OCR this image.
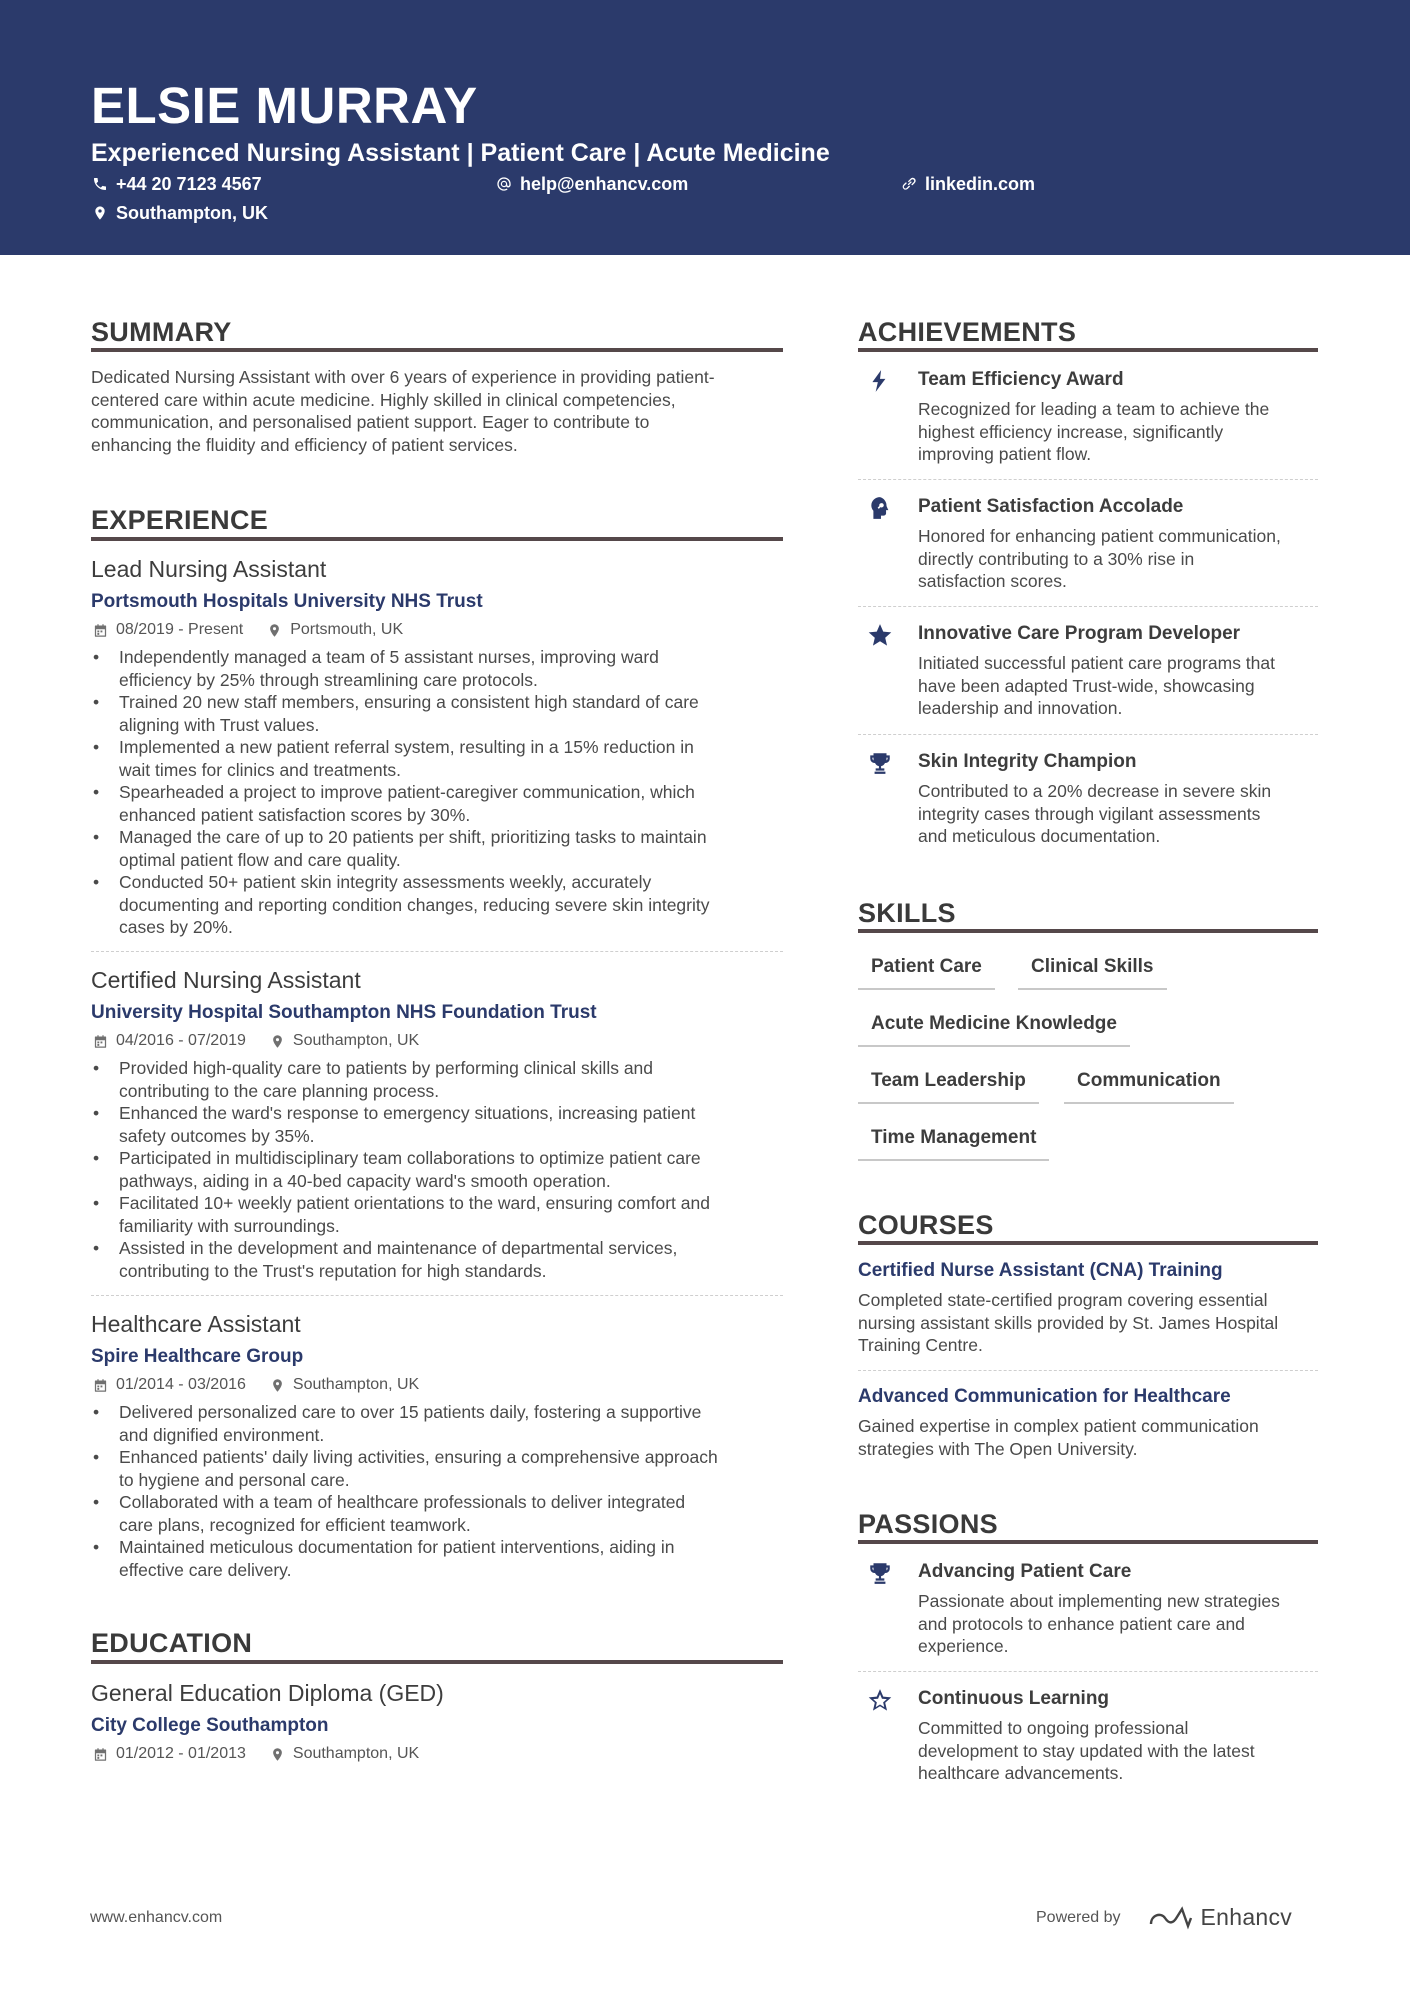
ELSIE MURRAY
Experienced Nursing Assistant | Patient Care | Acute Medicine
+44 20 7123 4567	help@enhancv.com	linkedin.com
Southampton, UK
SUMMARY
Dedicated Nursing Assistant with over 6 years of experience in providing patient-
centered care within acute medicine. Highly skilled in clinical competencies,
communication, and personalised patient support. Eager to contribute to
enhancing the fluidity and efficiency of patient services.
EXPERIENCE
Lead Nursing Assistant
Portsmouth Hospitals University NHS Trust
08/2019 - Present	Portsmouth, UK
• Independently managed a team of 5 assistant nurses, improving ward
efficiency by 25% through streamlining care protocols.
• Trained 20 new staff members, ensuring a consistent high standard of care
aligning with Trust values.
• Implemented a new patient referral system, resulting in a 15% reduction in
wait times for clinics and treatments.
• Spearheaded a project to improve patient-caregiver communication, which
enhanced patient satisfaction scores by 30%.
• Managed the care of up to 20 patients per shift, prioritizing tasks to maintain
optimal patient flow and care quality.
• Conducted 50+ patient skin integrity assessments weekly, accurately
documenting and reporting condition changes, reducing severe skin integrity
cases by 20%.
Certified Nursing Assistant
University Hospital Southampton NHS Foundation Trust
04/2016 - 07/2019	Southampton, UK
• Provided high-quality care to patients by performing clinical skills and
contributing to the care planning process.
• Enhanced the ward's response to emergency situations, increasing patient
safety outcomes by 35%.
• Participated in multidisciplinary team collaborations to optimize patient care
pathways, aiding in a 40-bed capacity ward's smooth operation.
• Facilitated 10+ weekly patient orientations to the ward, ensuring comfort and
familiarity with surroundings.
• Assisted in the development and maintenance of departmental services,
contributing to the Trust's reputation for high standards.
Healthcare Assistant
Spire Healthcare Group
01/2014 - 03/2016	Southampton, UK
• Delivered personalized care to over 15 patients daily, fostering a supportive
and dignified environment.
• Enhanced patients' daily living activities, ensuring a comprehensive approach
to hygiene and personal care.
• Collaborated with a team of healthcare professionals to deliver integrated
care plans, recognized for efficient teamwork.
• Maintained meticulous documentation for patient interventions, aiding in
effective care delivery.
EDUCATION
General Education Diploma (GED)
City College Southampton
01/2012 - 01/2013	Southampton, UK
ACHIEVEMENTS
Team Efficiency Award
Recognized for leading a team to achieve the
highest efficiency increase, significantly
improving patient flow.
Patient Satisfaction Accolade
Honored for enhancing patient communication,
directly contributing to a 30% rise in
satisfaction scores.
Innovative Care Program Developer
Initiated successful patient care programs that
have been adapted Trust-wide, showcasing
leadership and innovation.
Skin Integrity Champion
Contributed to a 20% decrease in severe skin
integrity cases through vigilant assessments
and meticulous documentation.
SKILLS
Patient Care	Clinical Skills
Acute Medicine Knowledge
Team Leadership	Communication
Time Management
COURSES
Certified Nurse Assistant (CNA) Training
Completed state-certified program covering essential
nursing assistant skills provided by St. James Hospital
Training Centre.
Advanced Communication for Healthcare
Gained expertise in complex patient communication
strategies with The Open University.
PASSIONS
Advancing Patient Care
Passionate about implementing new strategies
and protocols to enhance patient care and
experience.
Continuous Learning
Committed to ongoing professional
development to stay updated with the latest
healthcare advancements.
www.enhancv.com	Powered by	Enhancv
